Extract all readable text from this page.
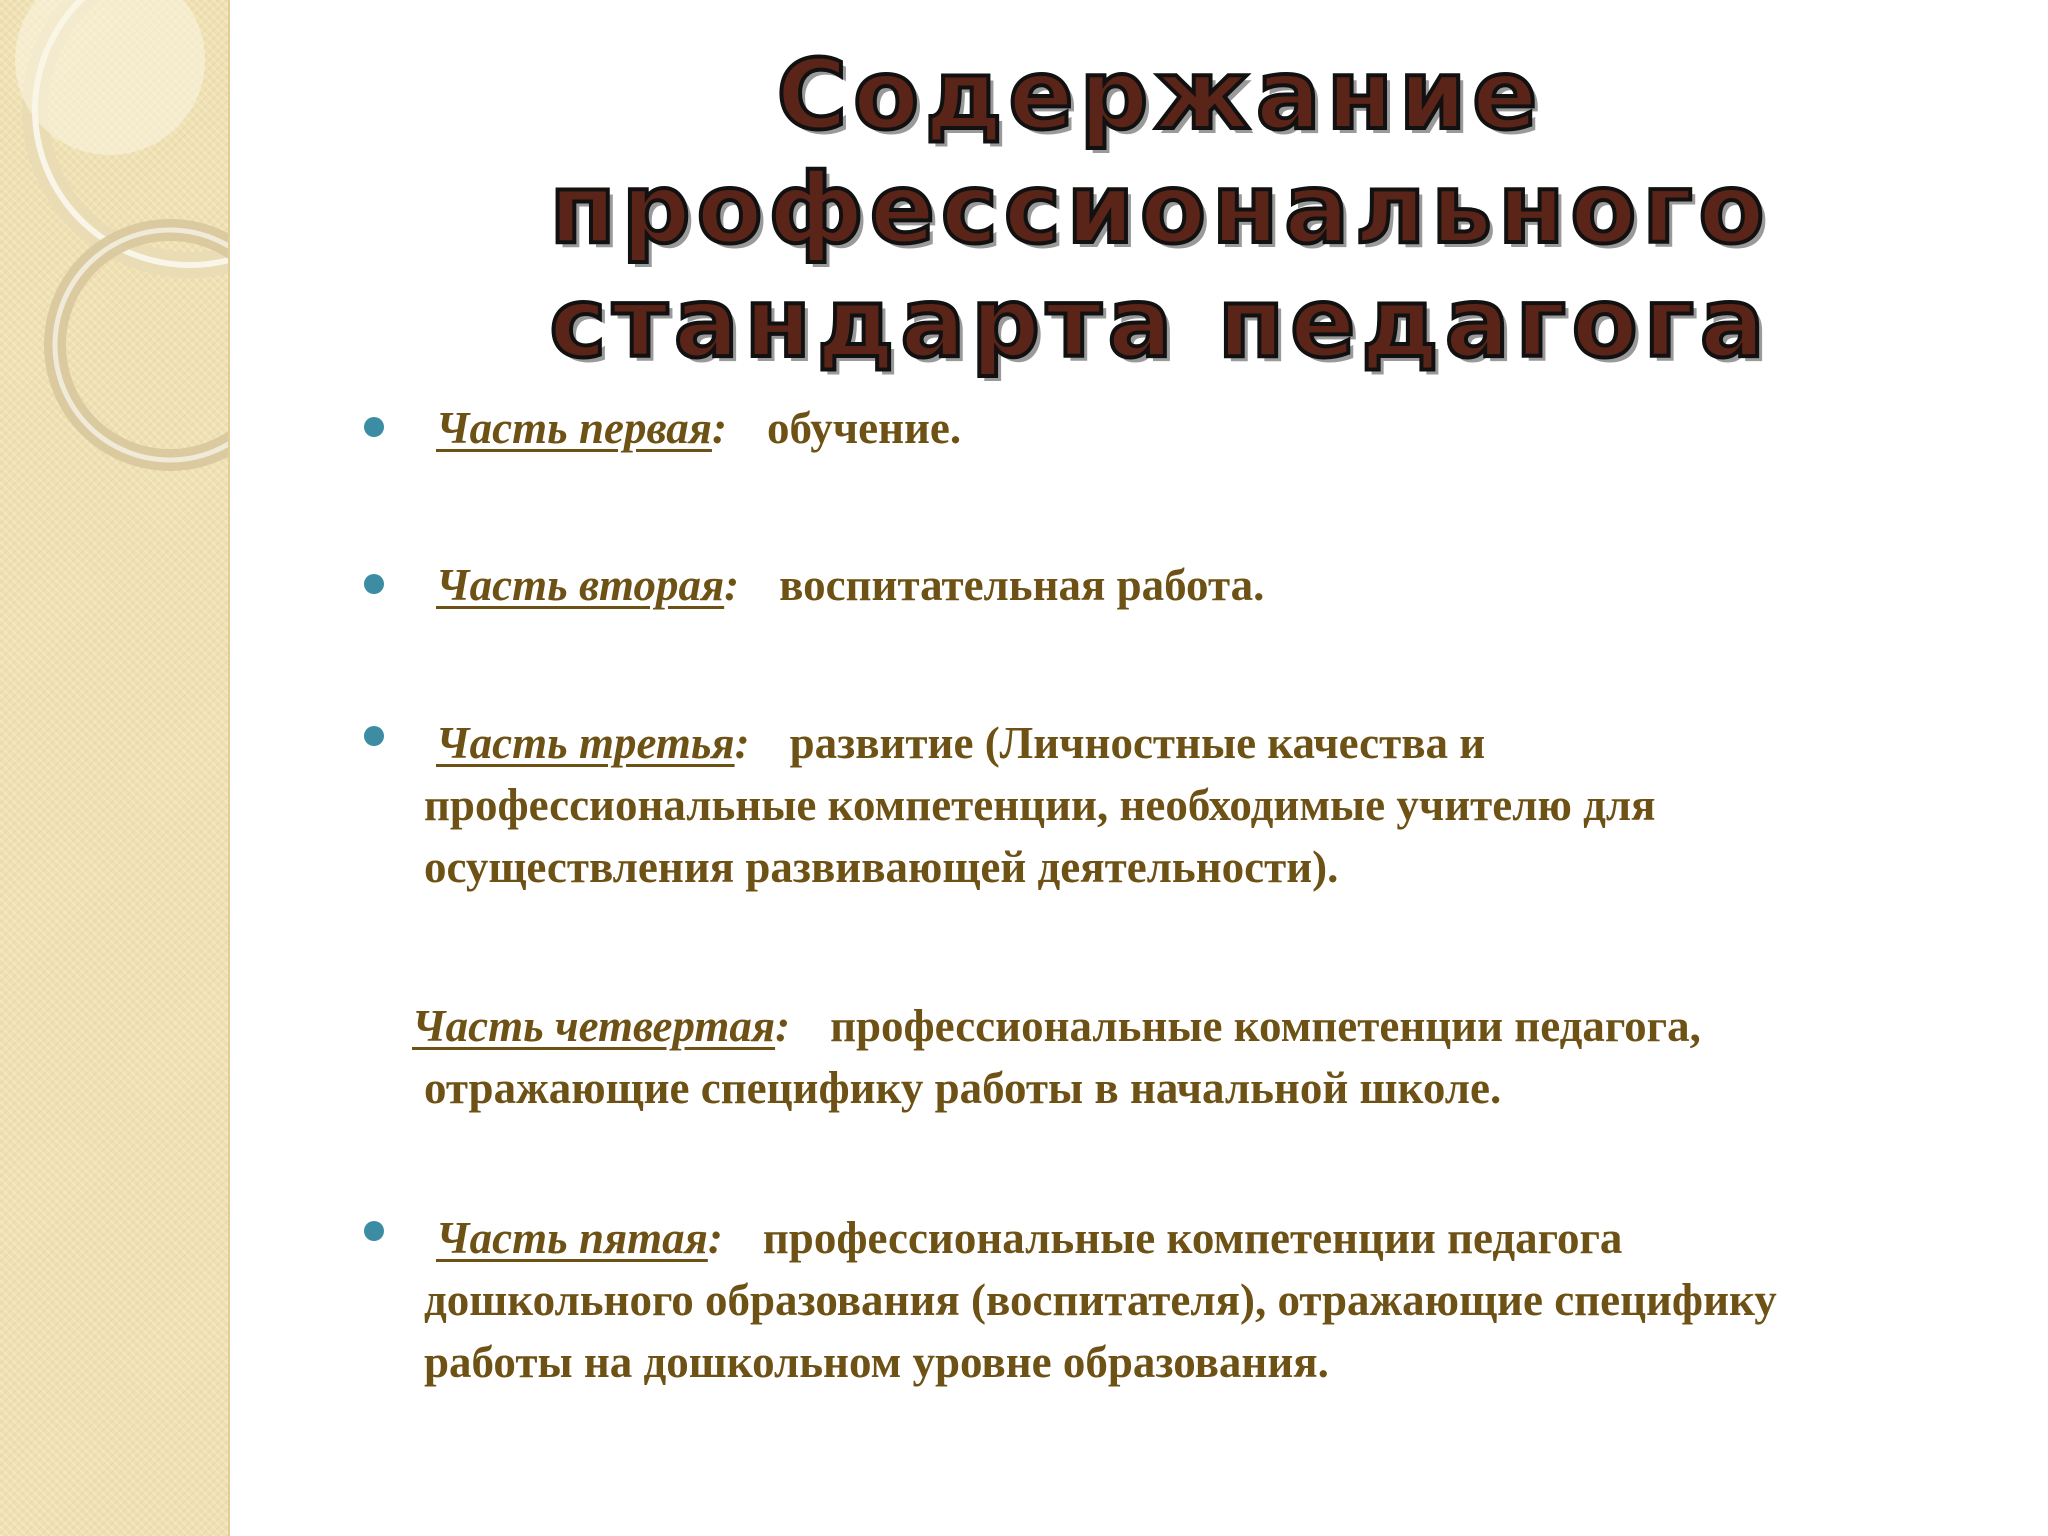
Содержание
профессионального
стандарта педагога
Часть первая: обучение.
Часть вторая: воспитательная работа.
Часть третья: развитие (Личностные качества и
профессиональные компетенции, необходимые учителю для
осуществления развивающей деятельности).
Часть четвертая: профессиональные компетенции педагога,
отражающие специфику работы в начальной школе.
Часть пятая: профессиональные компетенции педагога
дошкольного образования (воспитателя), отражающие специфику
работы на дошкольном уровне образования.
